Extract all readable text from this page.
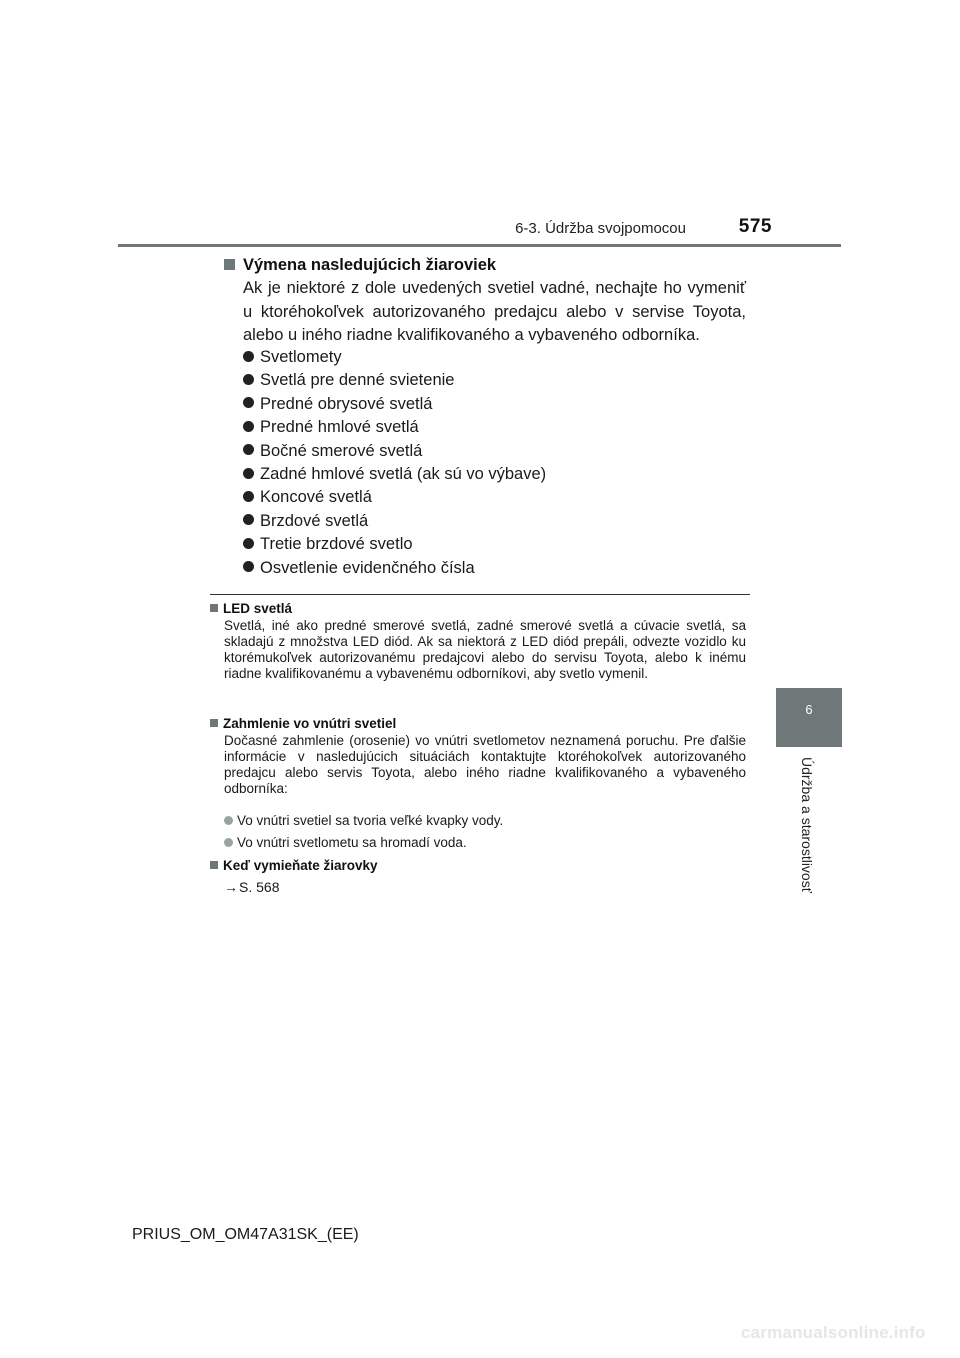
6-3. Údržba svojpomocou	575
6
Údržba a starostlivosť
Výmena nasledujúcich žiaroviek
Ak je niektoré z dole uvedených svetiel vadné, nechajte ho vymeniť u ktoréhokoľvek autorizovaného predajcu alebo v servise Toyota, alebo u iného riadne kvalifikovaného a vybaveného odborníka.
Svetlomety
Svetlá pre denné svietenie
Predné obrysové svetlá
Predné hmlové svetlá
Bočné smerové svetlá
Zadné hmlové svetlá (ak sú vo výbave)
Koncové svetlá
Brzdové svetlá
Tretie brzdové svetlo
Osvetlenie evidenčného čísla
LED svetlá
Svetlá, iné ako predné smerové svetlá, zadné smerové svetlá a cúvacie svetlá, sa skladajú z množstva LED diód. Ak sa niektorá z LED diód prepáli, odvezte vozidlo ku ktorémukoľvek autorizovanému predajcovi alebo do servisu Toyota, alebo k inému riadne kvalifikovanému a vybavenému odborníkovi, aby svetlo vymenil.
Zahmlenie vo vnútri svetiel
Dočasné zahmlenie (orosenie) vo vnútri svetlometov neznamená poruchu. Pre ďalšie informácie v nasledujúcich situáciách kontaktujte ktoréhokoľvek autorizovaného predajcu alebo servis Toyota, alebo iného riadne kvalifikovaného a vybaveného odborníka:
Vo vnútri svetiel sa tvoria veľké kvapky vody.
Vo vnútri svetlometu sa hromadí voda.
Keď vymieňate žiarovky
→S. 568
PRIUS_OM_OM47A31SK_(EE)
carmanualsonline.info
